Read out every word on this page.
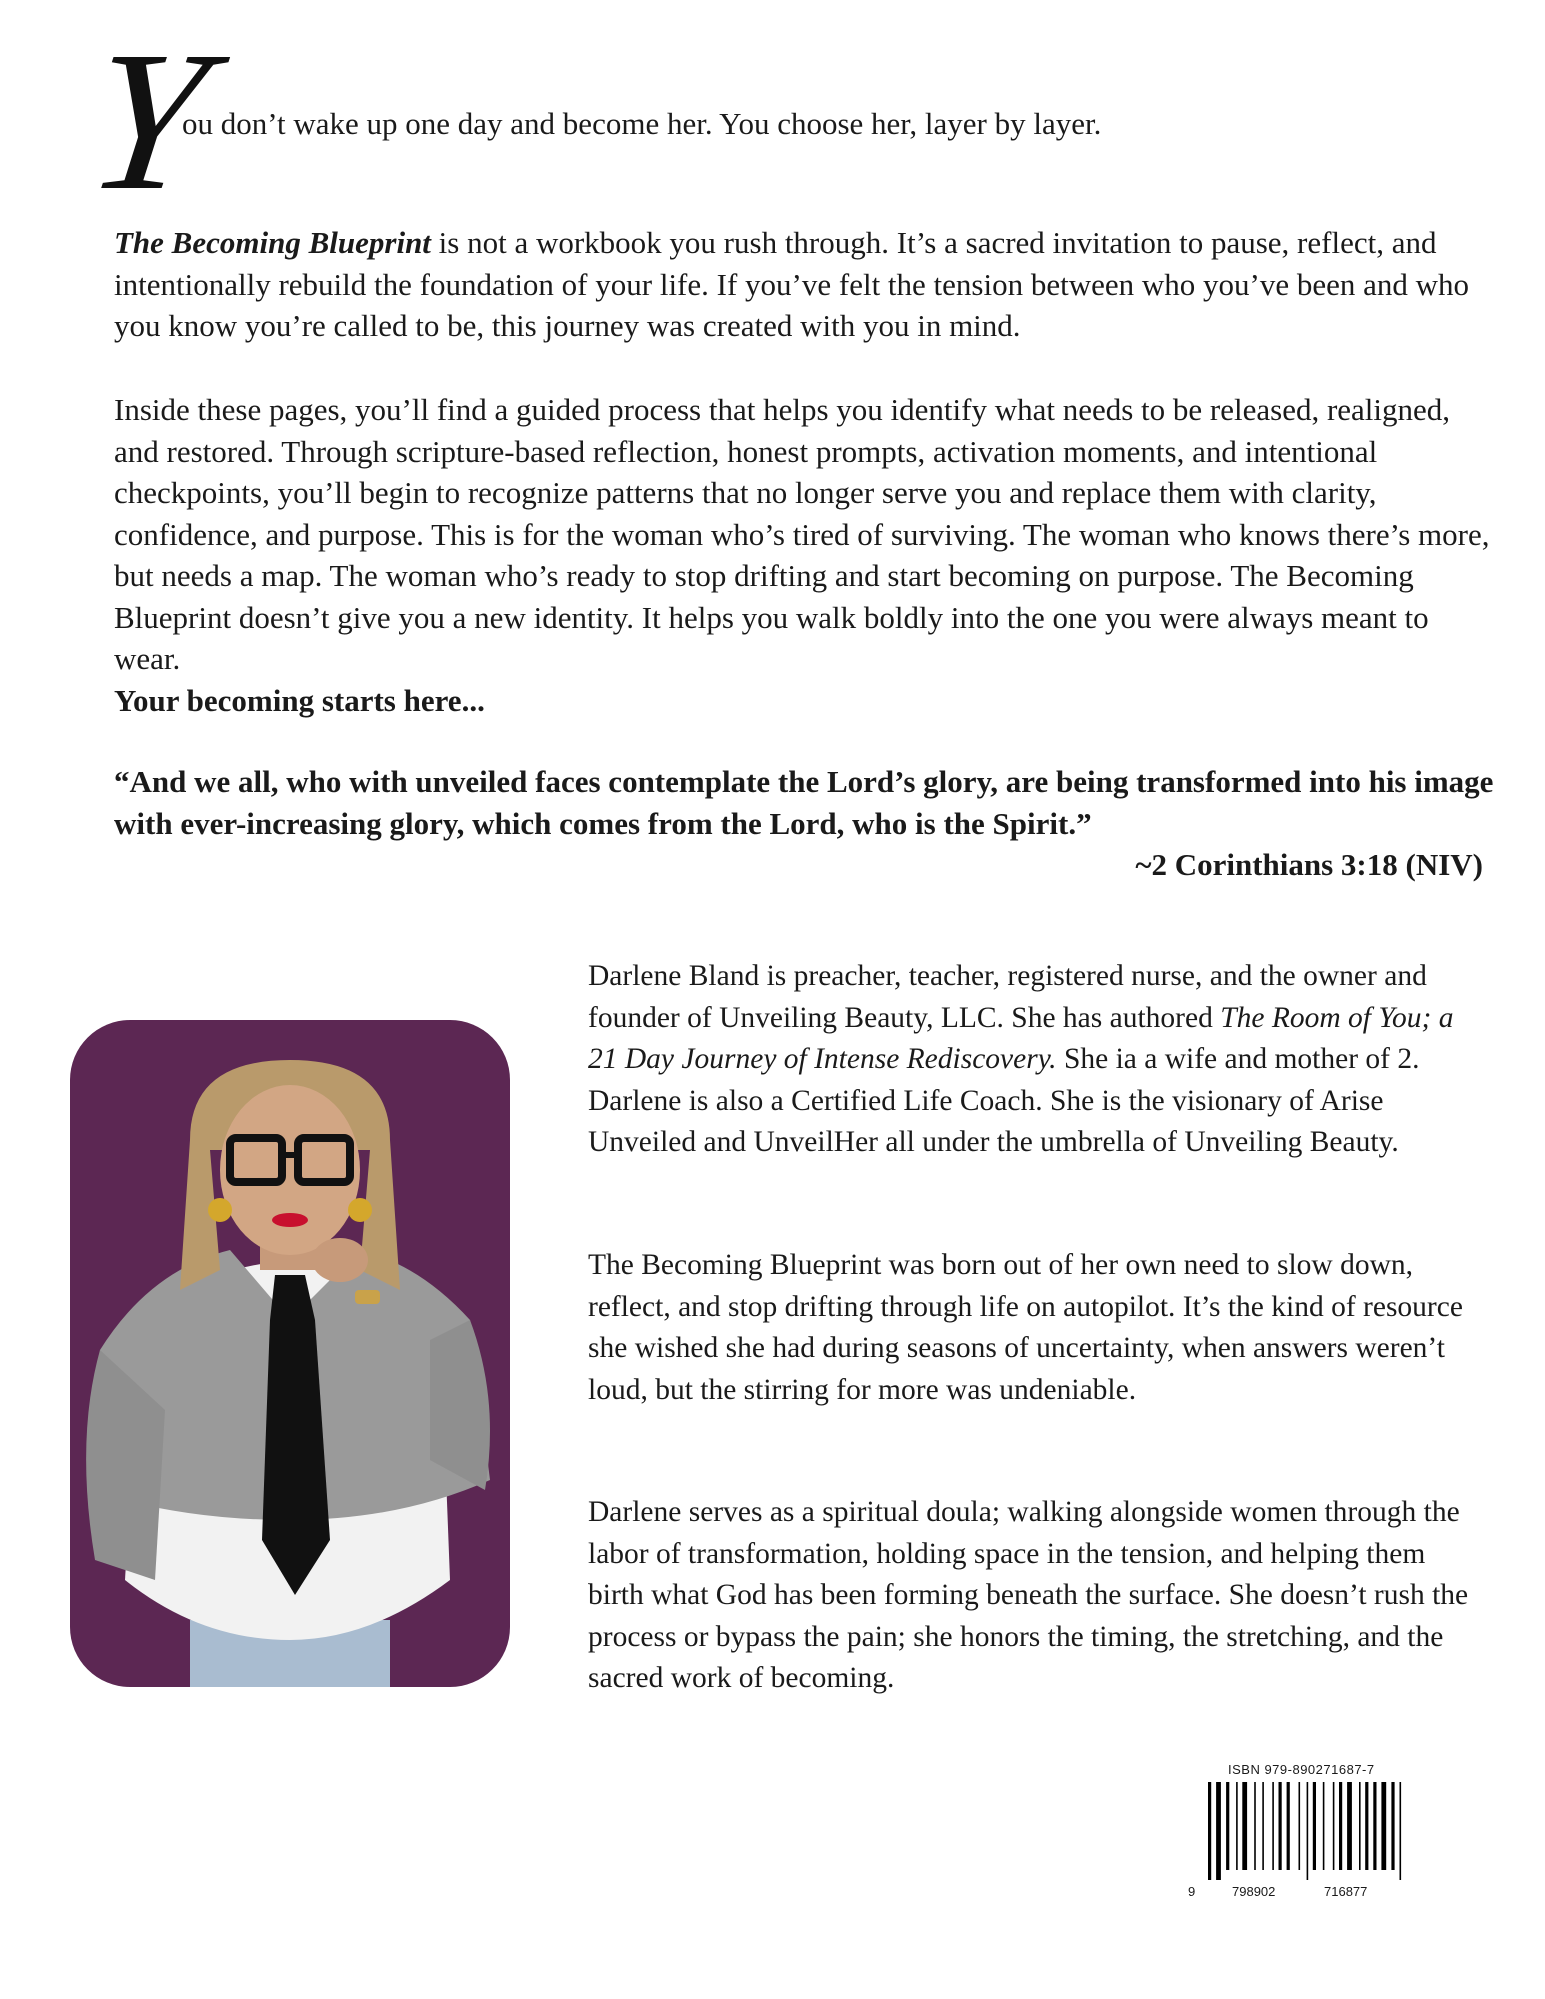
Y
ou don’t wake up one day and become her. You choose her, layer by layer.

The Becoming Blueprint is not a workbook you rush through. It’s a sacred invitation to pause, reflect, and intentionally rebuild the foundation of your life. If you’ve felt the tension between who you’ve been and who you know you’re called to be, this journey was created with you in mind.

Inside these pages, you’ll find a guided process that helps you identify what needs to be released, realigned, and restored. Through scripture-based reflection, honest prompts, activation moments, and intentional checkpoints, you’ll begin to recognize patterns that no longer serve you and replace them with clarity, confidence, and purpose. This is for the woman who’s tired of surviving. The woman who knows there’s more, but needs a map. The woman who’s ready to stop drifting and start becoming on purpose. The Becoming Blueprint doesn’t give you a new identity. It helps you walk boldly into the one you were always meant to wear.
Your becoming starts here...

“And we all, who with unveiled faces contemplate the Lord’s glory, are being transformed into his image with ever-increasing glory, which comes from the Lord, who is the Spirit.”

~2 Corinthians 3:18 (NIV)

Darlene Bland is preacher, teacher, registered nurse, and the owner and founder of Unveiling Beauty, LLC. She has authored The Room of You; a 21 Day Journey of Intense Rediscovery. She ia a wife and mother of 2. Darlene is also a Certified Life Coach. She is the visionary of Arise Unveiled and UnveilHer all under the umbrella of Unveiling Beauty.

The Becoming Blueprint was born out of her own need to slow down, reflect, and stop drifting through life on autopilot. It’s the kind of resource she wished she had during seasons of uncertainty, when answers weren’t loud, but the stirring for more was undeniable.

Darlene serves as a spiritual doula; walking alongside women through the labor of transformation, holding space in the tension, and helping them birth what God has been forming beneath the surface. She doesn’t rush the process or bypass the pain; she honors the timing, the stretching, and the sacred work of becoming.

ISBN 979-890271687-7
9	798902	716877
